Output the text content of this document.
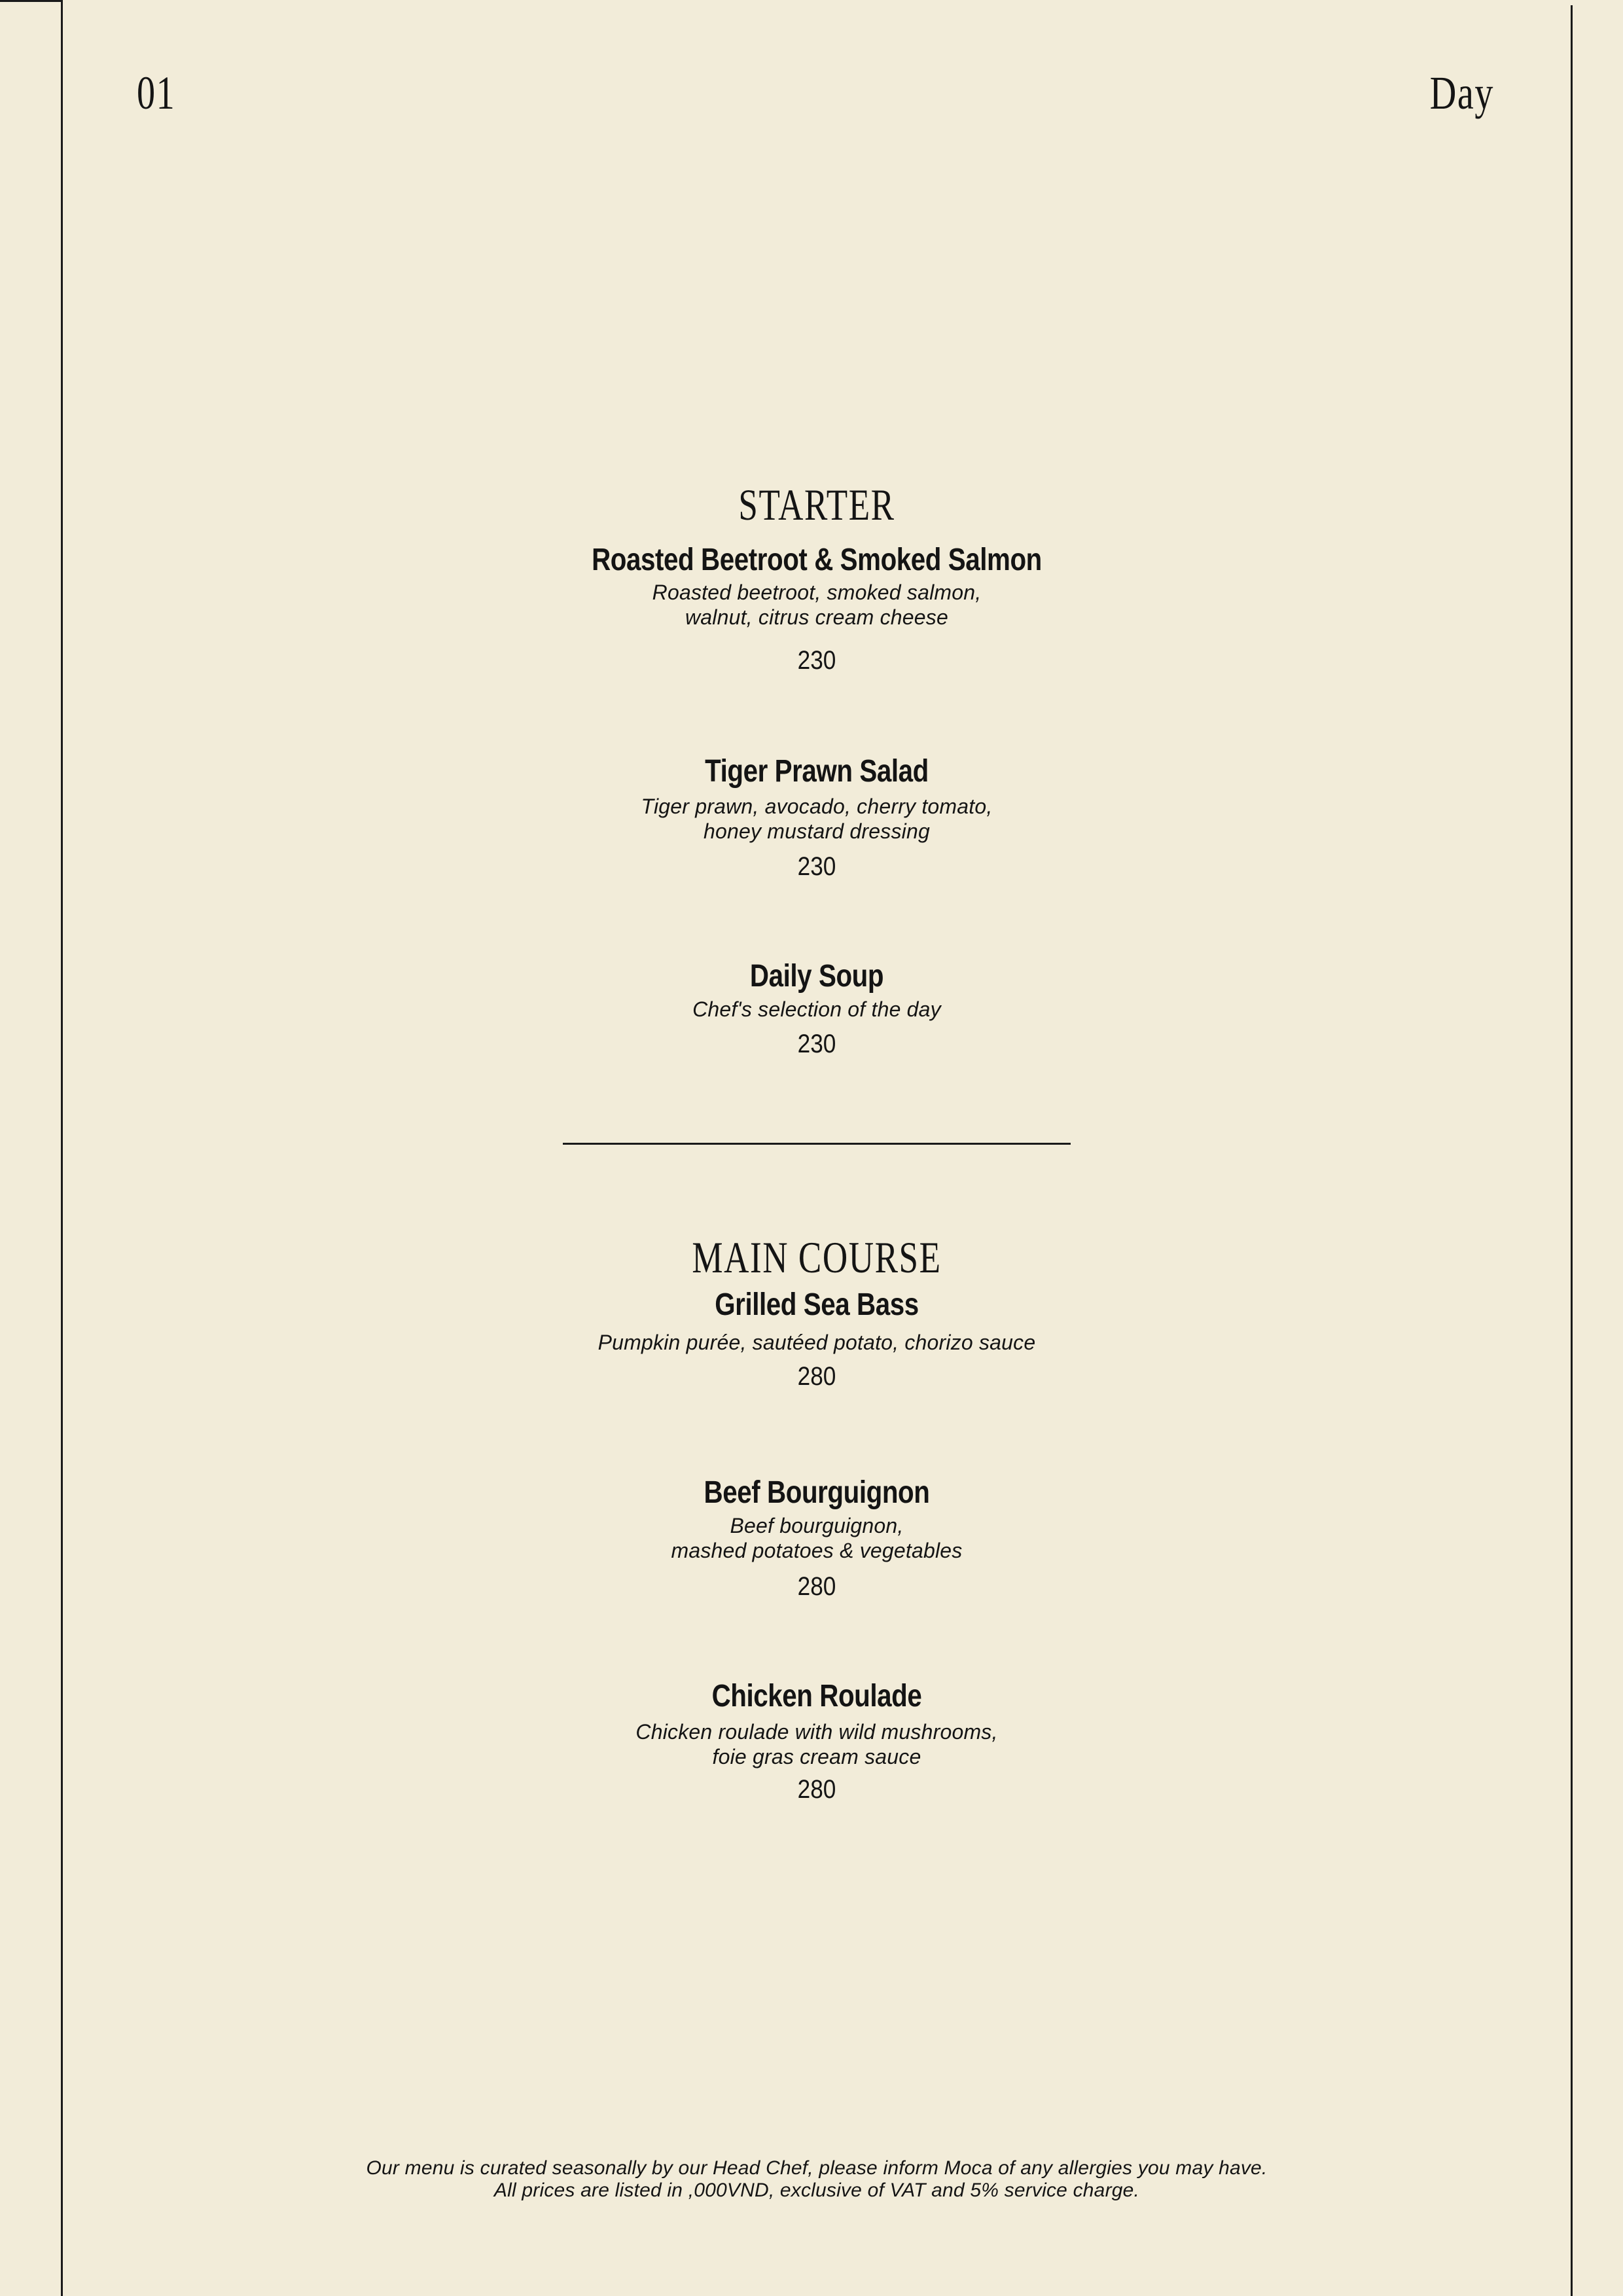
01	Day
STARTER
Roasted Beetroot & Smoked Salmon
Roasted beetroot, smoked salmon,
walnut, citrus cream cheese
230
Tiger Prawn Salad
Tiger prawn, avocado, cherry tomato,
honey mustard dressing
230
Daily Soup
Chef's selection of the day
230
MAIN COURSE
Grilled Sea Bass
Pumpkin purée, sautéed potato, chorizo sauce
280
Beef Bourguignon
Beef bourguignon,
mashed potatoes & vegetables
280
Chicken Roulade
Chicken roulade with wild mushrooms,
foie gras cream sauce
280
Our menu is curated seasonally by our Head Chef, please inform Moca of any allergies you may have.
All prices are listed in ,000VND, exclusive of VAT and 5% service charge.
